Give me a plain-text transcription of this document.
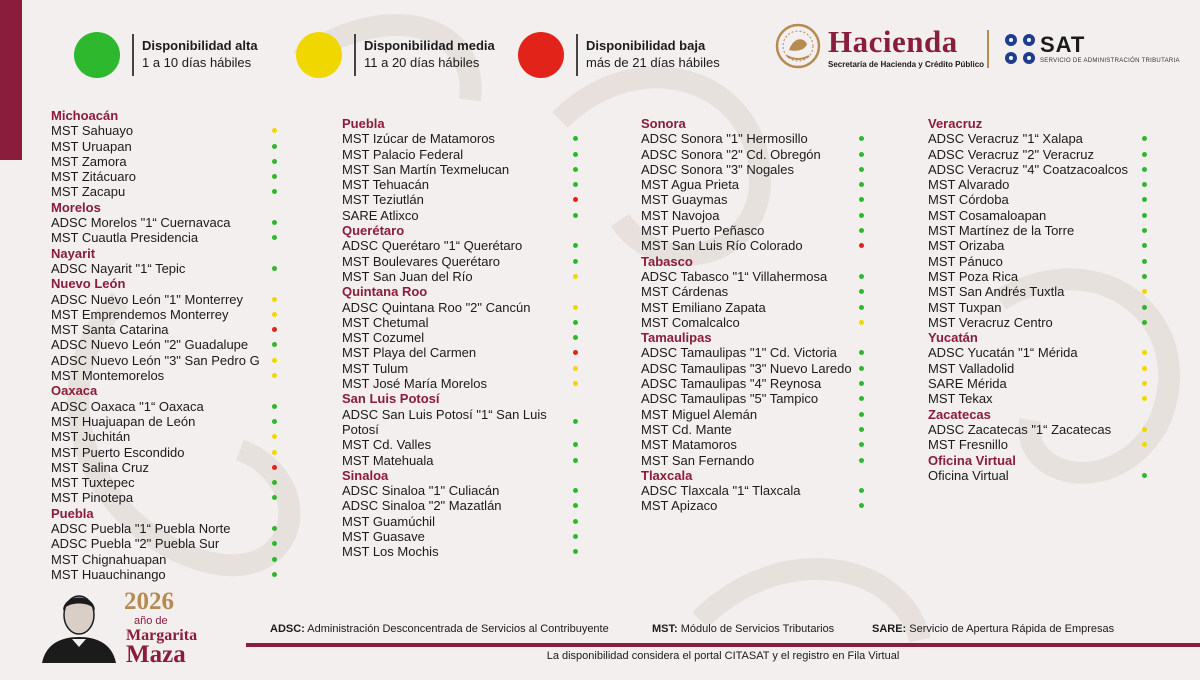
Disponibilidad alta
1 a 10 días hábiles
Disponibilidad media
11 a 20 días hábiles
Disponibilidad baja
más de 21 días hábiles
Hacienda
Secretaría de Hacienda y Crédito Público
SAT
SERVICIO DE ADMINISTRACIÓN TRIBUTARIA
Michoacán
MST Sahuayo
MST Uruapan
MST Zamora
MST Zitácuaro
MST Zacapu
Morelos
ADSC Morelos "1“ Cuernavaca
MST Cuautla Presidencia
Nayarit
ADSC Nayarit "1“ Tepic
Nuevo León
ADSC Nuevo León "1" Monterrey
MST Emprendemos Monterrey
MST Santa Catarina
ADSC Nuevo León "2" Guadalupe
ADSC Nuevo León "3" San Pedro G
MST Montemorelos
Oaxaca
ADSC Oaxaca "1“ Oaxaca
MST Huajuapan de León
MST Juchitán
MST Puerto Escondido
MST Salina Cruz
MST Tuxtepec
MST Pinotepa
Puebla
ADSC Puebla "1“ Puebla Norte
ADSC Puebla "2" Puebla Sur
MST Chignahuapan
MST Huauchinango
Puebla
MST Izúcar de Matamoros
MST Palacio Federal
MST San Martín Texmelucan
MST Tehuacán
MST Teziutlán
SARE Atlixco
Querétaro
ADSC Querétaro "1“ Querétaro
MST Boulevares Querétaro
MST San Juan del Río
Quintana Roo
ADSC Quintana Roo "2" Cancún
MST Chetumal
MST Cozumel
MST Playa del Carmen
MST Tulum
MST José María Morelos
San Luis Potosí
ADSC San Luis Potosí "1“ San Luis Potosí
MST Cd. Valles
MST Matehuala
Sinaloa
ADSC Sinaloa "1" Culiacán
ADSC Sinaloa "2" Mazatlán
MST Guamúchil
MST Guasave
MST Los Mochis
Sonora
ADSC Sonora "1" Hermosillo
ADSC Sonora "2" Cd. Obregón
ADSC Sonora "3" Nogales
MST Agua Prieta
MST Guaymas
MST Navojoa
MST Puerto Peñasco
MST San Luis Río Colorado
Tabasco
ADSC Tabasco "1“ Villahermosa
MST Cárdenas
MST Emiliano Zapata
MST Comalcalco
Tamaulipas
ADSC Tamaulipas "1" Cd. Victoria
ADSC Tamaulipas "3" Nuevo Laredo
ADSC Tamaulipas "4" Reynosa
ADSC Tamaulipas "5" Tampico
MST Miguel Alemán
MST Cd. Mante
MST Matamoros
MST San Fernando
Tlaxcala
ADSC Tlaxcala "1“ Tlaxcala
MST Apizaco
Veracruz
ADSC Veracruz "1“ Xalapa
ADSC Veracruz "2" Veracruz
ADSC Veracruz "4" Coatzacoalcos
MST Alvarado
MST Córdoba
MST Cosamaloapan
MST Martínez de la Torre
MST Orizaba
MST Pánuco
MST Poza Rica
MST San Andrés Tuxtla
MST Tuxpan
MST Veracruz Centro
Yucatán
ADSC Yucatán "1“ Mérida
MST Valladolid
SARE Mérida
MST Tekax
Zacatecas
ADSC Zacatecas "1“ Zacatecas
MST Fresnillo
Oficina Virtual
Oficina Virtual
2026
año de
Margarita
Maza
ADSC: Administración Desconcentrada de Servicios al Contribuyente	MST: Módulo de Servicios Tributarios	SARE: Servicio de Apertura Rápida de Empresas
La disponibilidad considera el portal CITASAT y el registro en Fila Virtual
